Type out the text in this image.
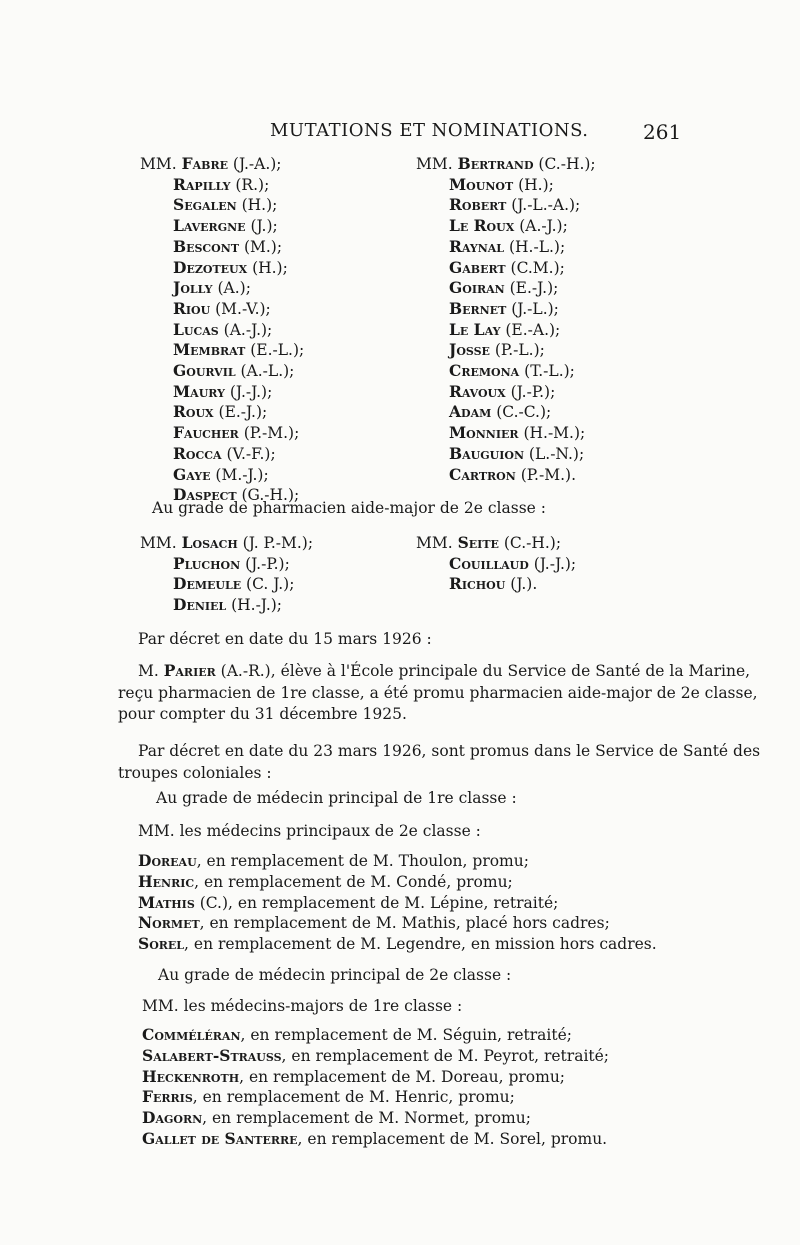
MUTATIONS ET NOMINATIONS.	261
MM. Fabre (J.-A.);
Rapilly (R.);
Segalen (H.);
Lavergne (J.);
Bescont (M.);
Dezoteux (H.);
Jolly (A.);
Riou (M.-V.);
Lucas (A.-J.);
Membrat (E.-L.);
Gourvil (A.-L.);
Maury (J.-J.);
Roux (E.-J.);
Faucher (P.-M.);
Rocca (V.-F.);
Gaye (M.-J.);
Daspect (G.-H.);
MM. Bertrand (C.-H.);
Mounot (H.);
Robert (J.-L.-A.);
Le Roux (A.-J.);
Raynal (H.-L.);
Gabert (C.M.);
Goiran (E.-J.);
Bernet (J.-L.);
Le Lay (E.-A.);
Josse (P.-L.);
Cremona (T.-L.);
Ravoux (J.-P.);
Adam (C.-C.);
Monnier (H.-M.);
Bauguion (L.-N.);
Cartron (P.-M.).
Au grade de pharmacien aide-major de 2e classe :
MM. Losach (J. P.-M.);
Pluchon (J.-P.);
Demeule (C. J.);
Deniel (H.-J.);
MM. Seite (C.-H.);
Couillaud (J.-J.);
Richou (J.).
Par décret en date du 15 mars 1926 :
M. Parier (A.-R.), élève à l'École principale du Service de Santé de la Marine,
reçu pharmacien de 1re classe, a été promu pharmacien aide-major de 2e classe,
pour compter du 31 décembre 1925.
Par décret en date du 23 mars 1926, sont promus dans le Service de Santé des
troupes coloniales :
Au grade de médecin principal de 1re classe :
MM. les médecins principaux de 2e classe :
Doreau, en remplacement de M. Thoulon, promu;
Henric, en remplacement de M. Condé, promu;
Mathis (C.), en remplacement de M. Lépine, retraité;
Normet, en remplacement de M. Mathis, placé hors cadres;
Sorel, en remplacement de M. Legendre, en mission hors cadres.
Au grade de médecin principal de 2e classe :
MM. les médecins-majors de 1re classe :
Comméléran, en remplacement de M. Séguin, retraité;
Salabert-Strauss, en remplacement de M. Peyrot, retraité;
Heckenroth, en remplacement de M. Doreau, promu;
Ferris, en remplacement de M. Henric, promu;
Dagorn, en remplacement de M. Normet, promu;
Gallet de Santerre, en remplacement de M. Sorel, promu.
